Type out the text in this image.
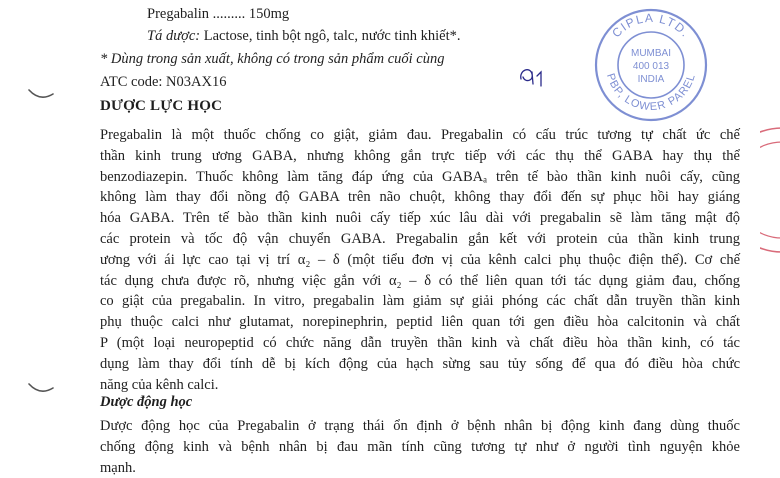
Pregabalin ......... 150mg
Tá dược: Lactose, tinh bột ngô, talc, nước tinh khiết*.
* Dùng trong sản xuất, không có trong sản phẩm cuối cùng
ATC code: N03AX16
CIPLA LTD.
PBP, LOWER PAREL
MUMBAI
400 013
INDIA
DƯỢC LỰC HỌC
Pregabalin là một thuốc chống co giật, giảm đau. Pregabalin có cấu trúc tương tự chất ức chế
thần kinh trung ương GABA, nhưng không gắn trực tiếp với các thụ thể GABA hay thụ thể
benzodiazepin. Thuốc không làm tăng đáp ứng của GABAₐ trên tế bào thần kinh nuôi cấy, cũng
không làm thay đổi nồng độ GABA trên não chuột, không thay đổi đến sự phục hồi hay giáng
hóa GABA. Trên tế bào thần kinh nuôi cấy tiếp xúc lâu dài với pregabalin sẽ làm tăng mật độ
các protein và tốc độ vận chuyển GABA. Pregabalin gắn kết với protein của thần kinh trung
ương với ái lực cao tại vị trí α₂ – δ (một tiểu đơn vị của kênh calci phụ thuộc điện thế). Cơ chế
tác dụng chưa được rõ, nhưng việc gắn với α₂ – δ có thể liên quan tới tác dụng giảm đau, chống
co giật của pregabalin. In vitro, pregabalin làm giảm sự giải phóng các chất dẫn truyền thần kinh
phụ thuộc calci như glutamat, norepinephrin, peptid liên quan tới gen điều hòa calcitonin và chất
P (một loại neuropeptid có chức năng dẫn truyền thần kinh và chất điều hòa thần kinh, có tác
dụng làm thay đổi tính dễ bị kích động của hạch sừng sau tủy sống để qua đó điều hòa chức
năng của kênh calci.
Dược động học
Dược động học của Pregabalin ở trạng thái ổn định ở bệnh nhân bị động kinh đang dùng thuốc
chống động kinh và bệnh nhân bị đau mãn tính cũng tương tự như ở người tình nguyện khỏe
mạnh.
